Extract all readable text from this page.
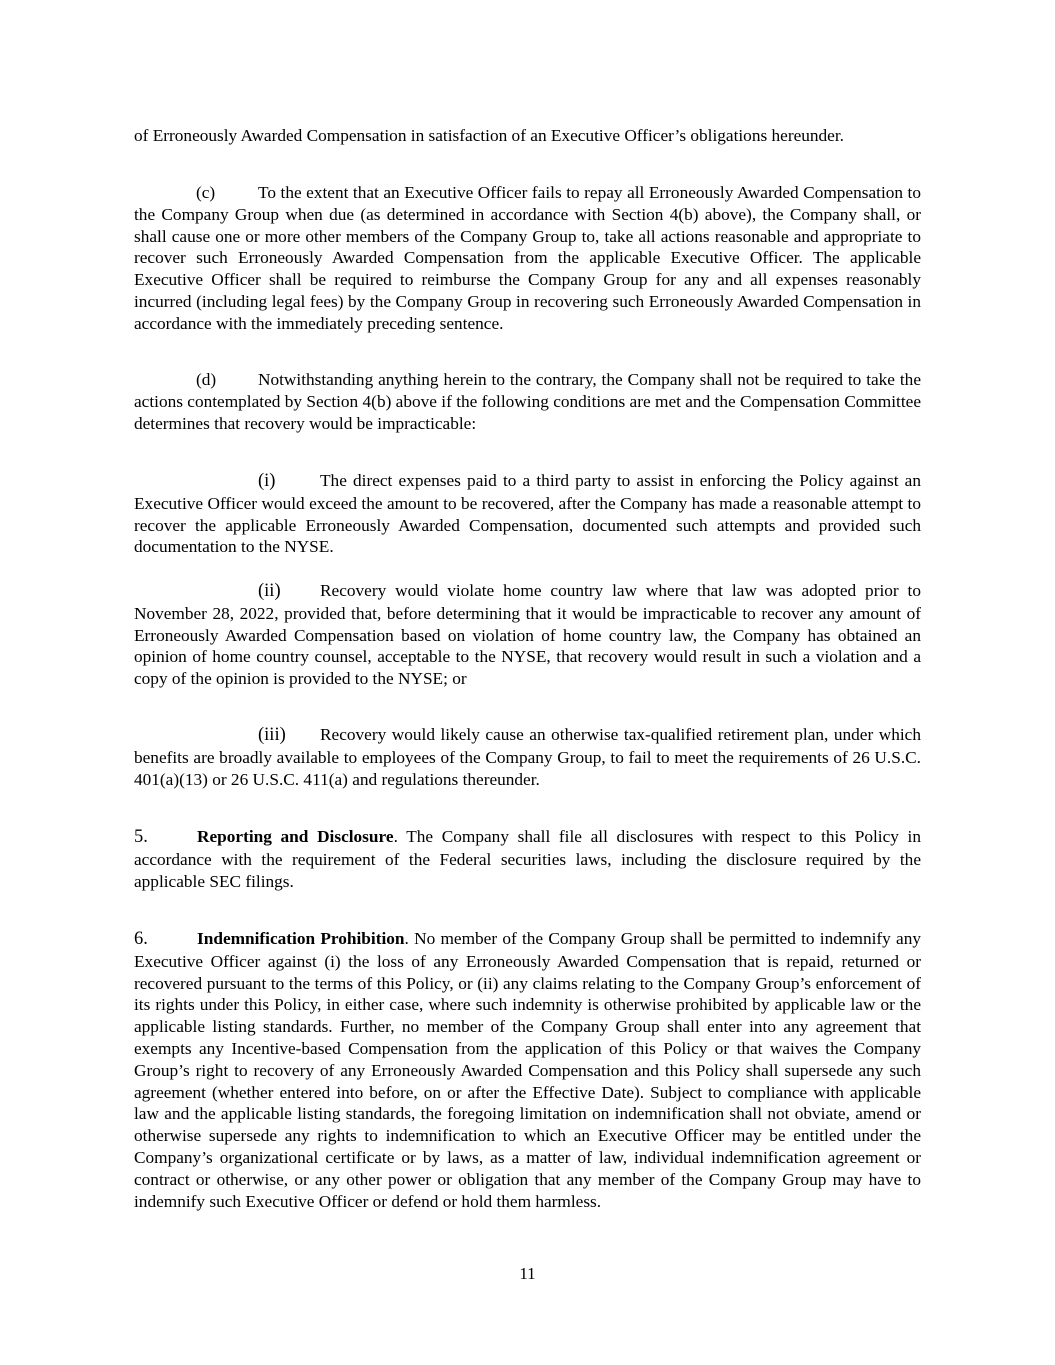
of Erroneously Awarded Compensation in satisfaction of an Executive Officer’s obligations hereunder.

(c) To the extent that an Executive Officer fails to repay all Erroneously Awarded Compensation to the Company Group when due (as determined in accordance with Section 4(b) above), the Company shall, or shall cause one or more other members of the Company Group to, take all actions reasonable and appropriate to recover such Erroneously Awarded Compensation from the applicable Executive Officer. The applicable Executive Officer shall be required to reimburse the Company Group for any and all expenses reasonably incurred (including legal fees) by the Company Group in recovering such Erroneously Awarded Compensation in accordance with the immediately preceding sentence.

(d) Notwithstanding anything herein to the contrary, the Company shall not be required to take the actions contemplated by Section 4(b) above if the following conditions are met and the Compensation Committee determines that recovery would be impracticable:

(i)	The direct expenses paid to a third party to assist in enforcing the Policy against an Executive Officer would exceed the amount to be recovered, after the Company has made a reasonable attempt to recover the applicable Erroneously Awarded Compensation, documented such attempts and provided such documentation to the NYSE.

(ii) Recovery would violate home country law where that law was adopted prior to November 28, 2022, provided that, before determining that it would be impracticable to recover any amount of Erroneously Awarded Compensation based on violation of home country law, the Company has obtained an opinion of home country counsel, acceptable to the NYSE, that recovery would result in such a violation and a copy of the opinion is provided to the NYSE; or

(iii) Recovery would likely cause an otherwise tax-qualified retirement plan, under which benefits are broadly available to employees of the Company Group, to fail to meet the requirements of 26 U.S.C. 401(a)(13) or 26 U.S.C. 411(a) and regulations thereunder.

5.	Reporting and Disclosure. The Company shall file all disclosures with respect to this Policy in accordance with the requirement of the Federal securities laws, including the disclosure required by the applicable SEC filings.

6.	Indemnification Prohibition. No member of the Company Group shall be permitted to indemnify any Executive Officer against (i) the loss of any Erroneously Awarded Compensation that is repaid, returned or recovered pursuant to the terms of this Policy, or (ii) any claims relating to the Company Group’s enforcement of its rights under this Policy, in either case, where such indemnity is otherwise prohibited by applicable law or the applicable listing standards. Further, no member of the Company Group shall enter into any agreement that exempts any Incentive-based Compensation from the application of this Policy or that waives the Company Group’s right to recovery of any Erroneously Awarded Compensation and this Policy shall supersede any such agreement (whether entered into before, on or after the Effective Date). Subject to compliance with applicable law and the applicable listing standards, the foregoing limitation on indemnification shall not obviate, amend or otherwise supersede any rights to indemnification to which an Executive Officer may be entitled under the Company’s organizational certificate or by laws, as a matter of law, individual indemnification agreement or contract or otherwise, or any other power or obligation that any member of the Company Group may have to indemnify such Executive Officer or defend or hold them harmless.

11
